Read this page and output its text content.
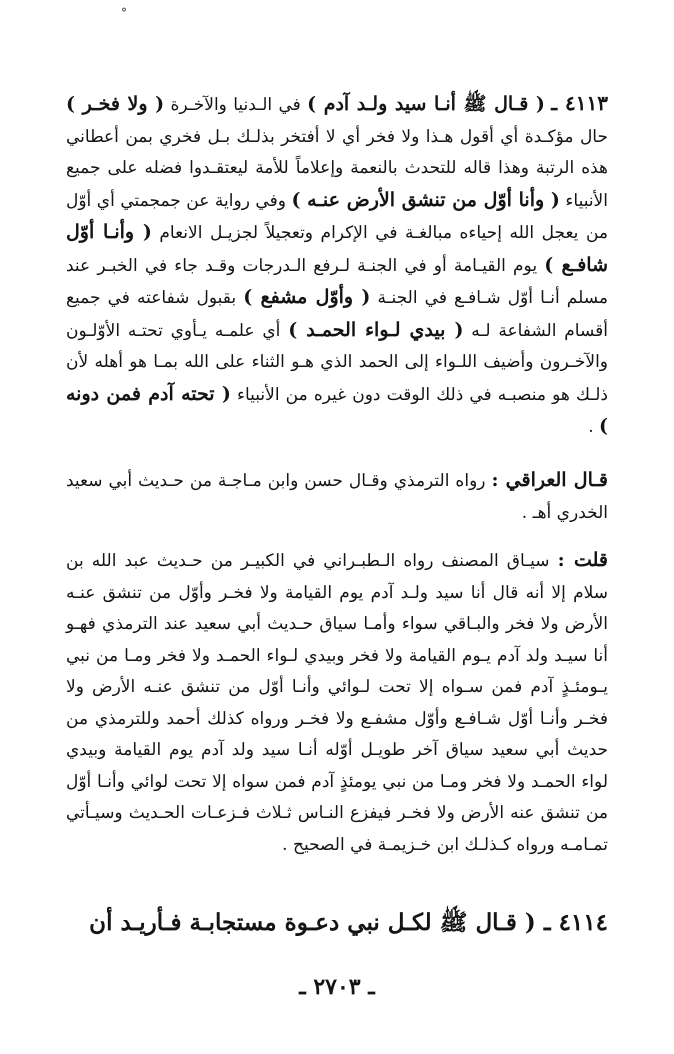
°

٤١١٣ ـ ( قـال ﷺ أنـا سيد ولـد آدم ) في الـدنيا والآخـرة ( ولا فخـر ) حال مؤكـدة أي أقول هـذا ولا فخر أي لا أفتخر بذلـك بـل فخري بمن أعطاني هذه الرتبة وهذا قاله للتحدث بالنعمة وإعلاماً للأمة ليعتقـدوا فضله على جميع الأنبياء ( وأنا أوّل من تنشق الأرض عنـه ) وفي رواية عن جمجمتي أي أوّل من يعجل الله إحياءه مبالغـة في الإكرام وتعجيلاً لجزيـل الانعام ( وأنـا أوّل شافـع ) يوم القيـامة أو في الجنـة لـرفع الـدرجات وقـد جاء في الخبـر عند مسلم أنـا أوّل شـافـع في الجنـة ( وأوّل مشفع ) بقبول شفاعته في جميع أقسام الشفاعة لـه ( بيدي لـواء الحمـد ) أي علمـه يـأوي تحتـه الأوّلـون والآخـرون وأضيف اللـواء إلى الحمد الذي هـو الثناء على الله بمـا هو أهله لأن ذلـك هو منصبـه في ذلك الوقت دون غيره من الأنبياء ( تحته آدم فمن دونه ) .

قـال العراقي : رواه الترمذي وقـال حسن وابن مـاجـة من حـديث أبي سعيد الخدري أهـ .

قلت : سيـاق المصنف رواه الـطبـراني في الكبيـر من حـديث عبد الله بن سلام إلا أنه قال أنا سيد ولـد آدم يوم القيامة ولا فخـر وأوّل من تنشق عنـه الأرض ولا فخر والبـاقي سواء وأمـا سياق حـديث أبي سعيد عند الترمذي فهـو أنا سيـد ولد آدم يـوم القيامة ولا فخر وبيدي لـواء الحمـد ولا فخر ومـا من نبي يـومئـذٍ آدم فمن سـواه إلا تحت لـوائي وأنـا أوّل من تنشق عنـه الأرض ولا فخـر وأنـا أوّل شـافـع وأوّل مشفـع ولا فخـر ورواه كذلك أحمد وللترمذي من حديث أبي سعيد سياق آخر طويـل أوّله أنـا سيد ولد آدم يوم القيامة وبيدي لواء الحمـد ولا فخر ومـا من نبي يومئذٍ آدم فمن سواه إلا تحت لوائي وأنـا أوّل من تنشق عنه الأرض ولا فخـر فيفزع النـاس ثـلاث فـزعـات الحـديث وسيـأتي تمـامـه ورواه كـذلـك ابن خـزيمـة في الصحيح .

٤١١٤ ـ ( قـال ﷺ لكـل نبي دعـوة مستجابـة فـأريـد أن

ـ ٢٧٠٣ ـ
